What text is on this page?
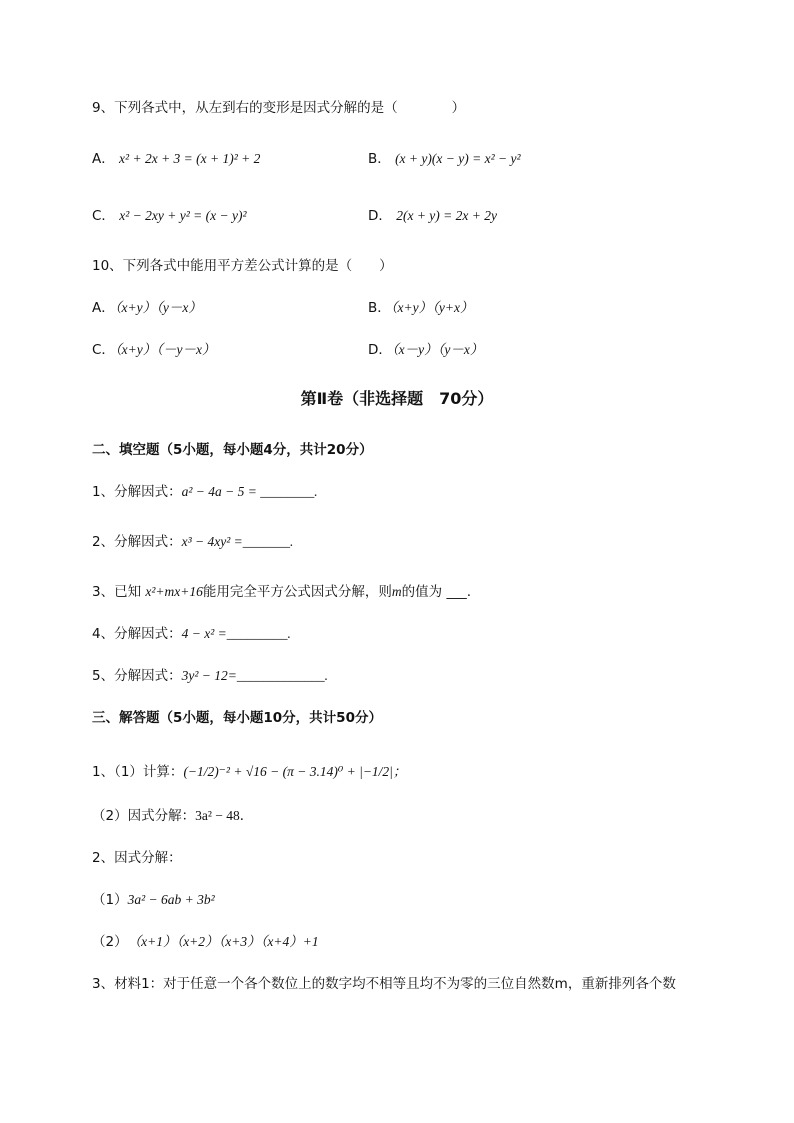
9、下列各式中，从左到右的变形是因式分解的是（　　　　）
A． x² + 2x + 3 = (x + 1)² + 2	B． (x + y)(x − y) = x² − y²
C． x² − 2xy + y² = (x − y)²	D． 2(x + y) = 2x + 2y
10、下列各式中能用平方差公式计算的是（　　）
A．（x+y）（y－x）	B．（x+y）（y+x）
C．（x+y）（－y－x）	D．（x－y）（y－x）
第Ⅱ卷（非选择题　70分）
二、填空题（5小题，每小题4分，共计20分）
1、分解因式：a² − 4a − 5 = ________.
2、分解因式：x³ − 4xy² =_______.
3、已知 x²+mx+16能用完全平方公式因式分解，则m的值为 ___.
4、分解因式：4 − x² =_________.
5、分解因式：3y² − 12=_____________.
三、解答题（5小题，每小题10分，共计50分）
1、（1）计算：(−1/2)⁻² + √16 − (π − 3.14)⁰ + |−1/2|；
（2）因式分解：3a² − 48．
2、因式分解：
（1）3a² − 6ab + 3b²
（2）　 （x+1）（x+2）（x+3）（x+4）+1
3、材料1：对于任意一个各个数位上的数字均不相等且均不为零的三位自然数m，重新排列各个数
